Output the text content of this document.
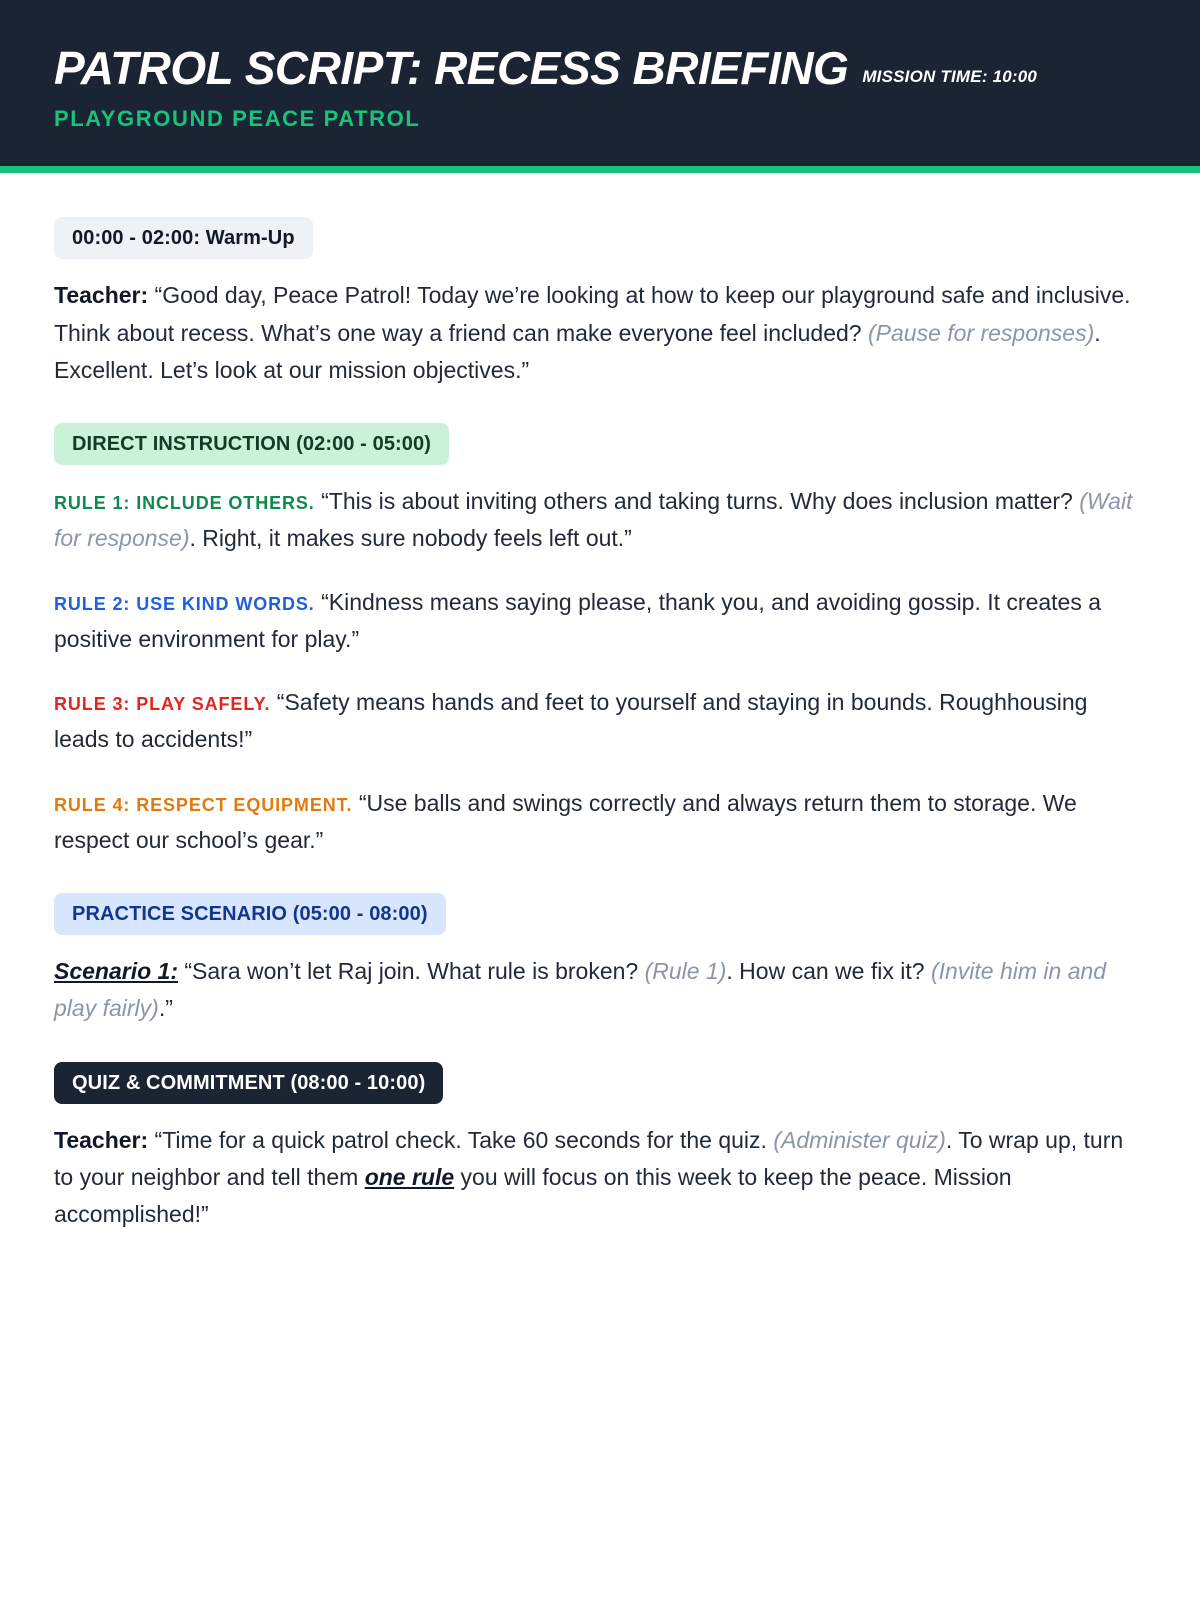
PATROL SCRIPT: RECESS BRIEFING MISSION TIME: 10:00
PLAYGROUND PEACE PATROL
00:00 - 02:00: Warm-Up

Teacher: “Good day, Peace Patrol! Today we’re looking at how to keep our playground safe and inclusive. Think about recess. What’s one way a friend can make everyone feel included? (Pause for responses). Excellent. Let’s look at our mission objectives.”

DIRECT INSTRUCTION (02:00 - 05:00)

RULE 1: INCLUDE OTHERS. “This is about inviting others and taking turns. Why does inclusion matter? (Wait for response). Right, it makes sure nobody feels left out.”

RULE 2: USE KIND WORDS. “Kindness means saying please, thank you, and avoiding gossip. It creates a positive environment for play.”

RULE 3: PLAY SAFELY. “Safety means hands and feet to yourself and staying in bounds. Roughhousing leads to accidents!”

RULE 4: RESPECT EQUIPMENT. “Use balls and swings correctly and always return them to storage. We respect our school’s gear.”

PRACTICE SCENARIO (05:00 - 08:00)

Scenario 1: “Sara won’t let Raj join. What rule is broken? (Rule 1). How can we fix it? (Invite him in and play fairly).”

QUIZ & COMMITMENT (08:00 - 10:00)

Teacher: “Time for a quick patrol check. Take 60 seconds for the quiz. (Administer quiz). To wrap up, turn to your neighbor and tell them one rule you will focus on this week to keep the peace. Mission accomplished!”
